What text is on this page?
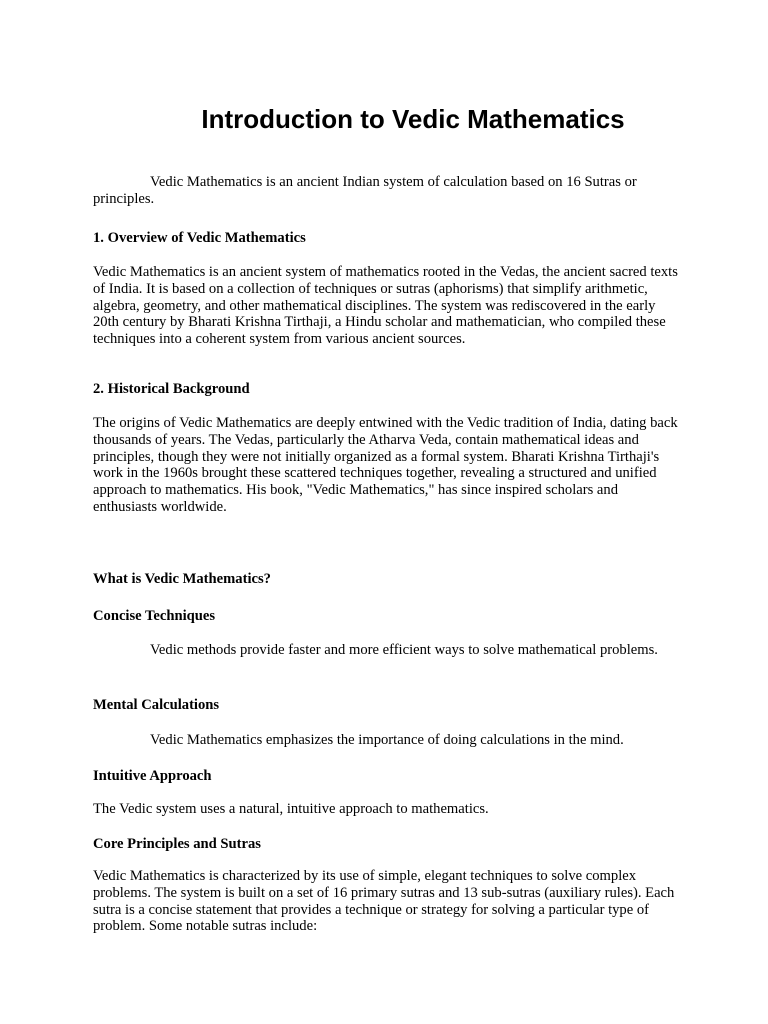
Introduction to Vedic Mathematics

Vedic Mathematics is an ancient Indian system of calculation based on 16 Sutras or principles.

1. Overview of Vedic Mathematics

Vedic Mathematics is an ancient system of mathematics rooted in the Vedas, the ancient sacred texts of India. It is based on a collection of techniques or sutras (aphorisms) that simplify arithmetic, algebra, geometry, and other mathematical disciplines. The system was rediscovered in the early 20th century by Bharati Krishna Tirthaji, a Hindu scholar and mathematician, who compiled these techniques into a coherent system from various ancient sources.

2. Historical Background

The origins of Vedic Mathematics are deeply entwined with the Vedic tradition of India, dating back thousands of years. The Vedas, particularly the Atharva Veda, contain mathematical ideas and principles, though they were not initially organized as a formal system. Bharati Krishna Tirthaji's work in the 1960s brought these scattered techniques together, revealing a structured and unified approach to mathematics. His book, "Vedic Mathematics," has since inspired scholars and enthusiasts worldwide.

What is Vedic Mathematics?
Concise Techniques

Vedic methods provide faster and more efficient ways to solve mathematical problems.

Mental Calculations

Vedic Mathematics emphasizes the importance of doing calculations in the mind.

Intuitive Approach

The Vedic system uses a natural, intuitive approach to mathematics.

Core Principles and Sutras

Vedic Mathematics is characterized by its use of simple, elegant techniques to solve complex problems. The system is built on a set of 16 primary sutras and 13 sub-sutras (auxiliary rules). Each sutra is a concise statement that provides a technique or strategy for solving a particular type of problem. Some notable sutras include:
